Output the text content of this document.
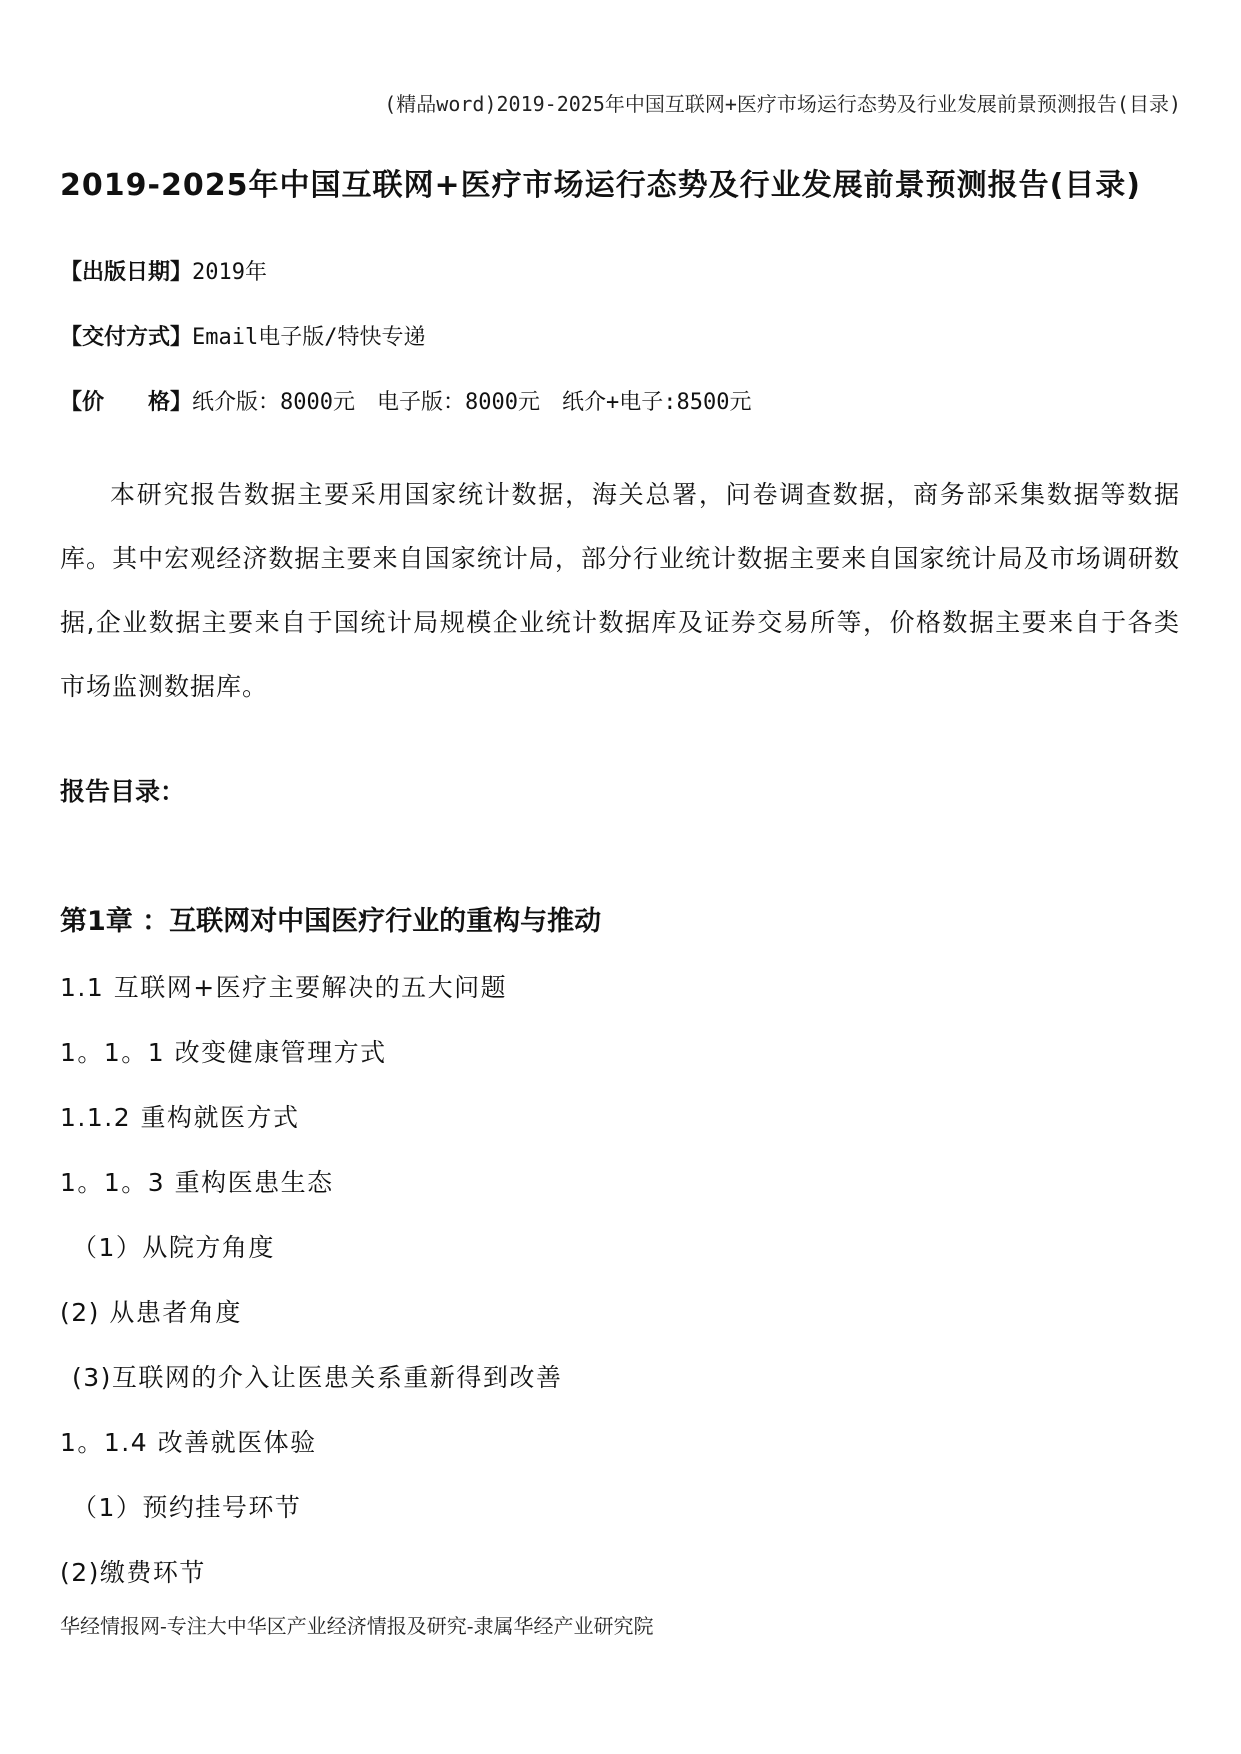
(精品word)2019-2025年中国互联网+医疗市场运行态势及行业发展前景预测报告(目录)
2019-2025年中国互联网+医疗市场运行态势及行业发展前景预测报告(目录)
【出版日期】2019年
【交付方式】Email电子版/特快专递
【价　　格】纸介版：8000元　电子版：8000元　纸介+电子:8500元

本研究报告数据主要采用国家统计数据，海关总署，问卷调查数据，商务部采集数据等数据库。其中宏观经济数据主要来自国家统计局，部分行业统计数据主要来自国家统计局及市场调研数据,企业数据主要来自于国统计局规模企业统计数据库及证券交易所等，价格数据主要来自于各类市场监测数据库。

报告目录：
第1章 ：互联网对中国医疗行业的重构与推动
1.1 互联网+医疗主要解决的五大问题
1。1。1 改变健康管理方式
1.1.2 重构就医方式
1。1。3 重构医患生态
（1）从院方角度
(2) 从患者角度
(3)互联网的介入让医患关系重新得到改善
1。1.4 改善就医体验
（1）预约挂号环节
(2)缴费环节
华经情报网-专注大中华区产业经济情报及研究-隶属华经产业研究院
